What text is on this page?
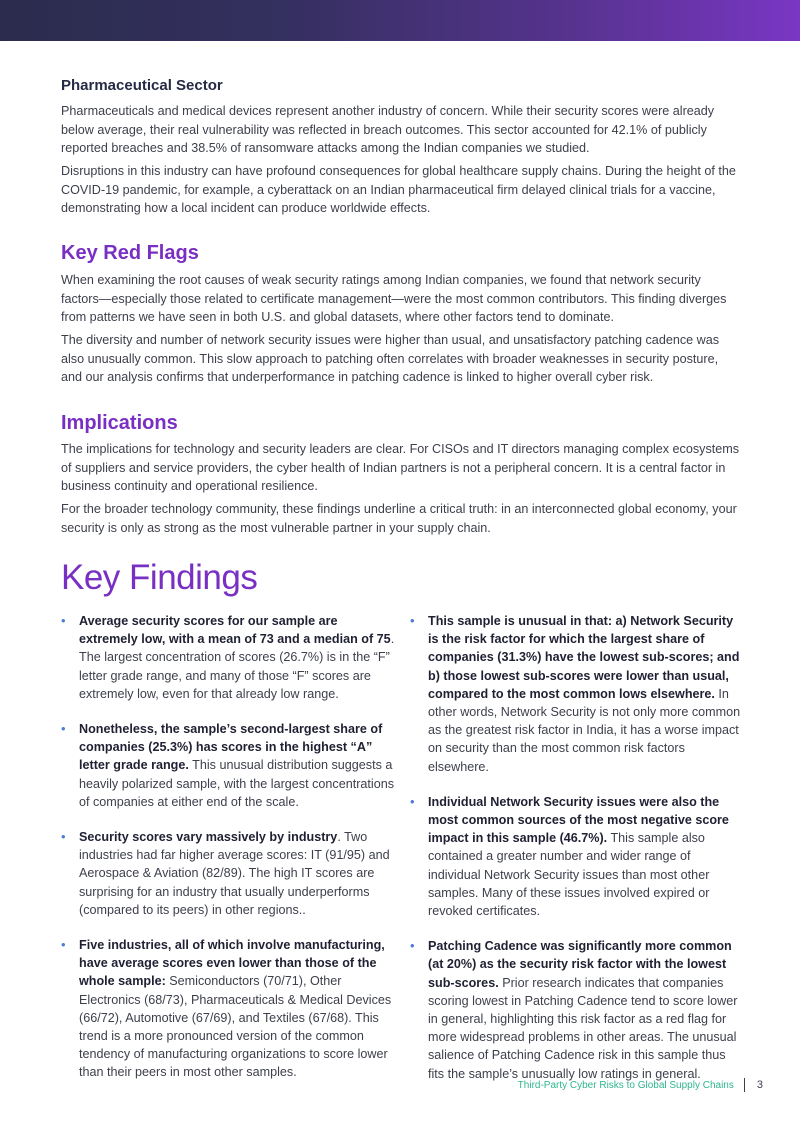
Pharmaceutical Sector

Pharmaceuticals and medical devices represent another industry of concern. While their security scores were already below average, their real vulnerability was reflected in breach outcomes. This sector accounted for 42.1% of publicly reported breaches and 38.5% of ransomware attacks among the Indian companies we studied.

Disruptions in this industry can have profound consequences for global healthcare supply chains. During the height of the COVID-19 pandemic, for example, a cyberattack on an Indian pharmaceutical firm delayed clinical trials for a vaccine, demonstrating how a local incident can produce worldwide effects.

Key Red Flags

When examining the root causes of weak security ratings among Indian companies, we found that network security factors—especially those related to certificate management—were the most common contributors. This finding diverges from patterns we have seen in both U.S. and global datasets, where other factors tend to dominate.

The diversity and number of network security issues were higher than usual, and unsatisfactory patching cadence was also unusually common. This slow approach to patching often correlates with broader weaknesses in security posture, and our analysis confirms that underperformance in patching cadence is linked to higher overall cyber risk.

Implications

The implications for technology and security leaders are clear. For CISOs and IT directors managing complex ecosystems of suppliers and service providers, the cyber health of Indian partners is not a peripheral concern. It is a central factor in business continuity and operational resilience.

For the broader technology community, these findings underline a critical truth: in an interconnected global economy, your security is only as strong as the most vulnerable partner in your supply chain.

Key Findings
• Average security scores for our sample are extremely low, with a mean of 73 and a median of 75. The largest concentration of scores (26.7%) is in the “F” letter grade range, and many of those “F” scores are extremely low, even for that already low range.
• Nonetheless, the sample’s second-largest share of companies (25.3%) has scores in the highest “A” letter grade range. This unusual distribution suggests a heavily polarized sample, with the largest concentrations of companies at either end of the scale.
• Security scores vary massively by industry. Two industries had far higher average scores: IT (91/95) and Aerospace & Aviation (82/89). The high IT scores are surprising for an industry that usually underperforms (compared to its peers) in other regions..
• Five industries, all of which involve manufacturing, have average scores even lower than those of the whole sample: Semiconductors (70/71), Other Electronics (68/73), Pharmaceuticals & Medical Devices (66/72), Automotive (67/69), and Textiles (67/68). This trend is a more pronounced version of the common tendency of manufacturing organizations to score lower than their peers in most other samples.
• This sample is unusual in that: a) Network Security is the risk factor for which the largest share of companies (31.3%) have the lowest sub-scores; and b) those lowest sub-scores were lower than usual, compared to the most common lows elsewhere. In other words, Network Security is not only more common as the greatest risk factor in India, it has a worse impact on security than the most common risk factors elsewhere.
• Individual Network Security issues were also the most common sources of the most negative score impact in this sample (46.7%). This sample also contained a greater number and wider range of individual Network Security issues than most other samples. Many of these issues involved expired or revoked certificates.
• Patching Cadence was significantly more common (at 20%) as the security risk factor with the lowest sub-scores. Prior research indicates that companies scoring lowest in Patching Cadence tend to score lower in general, highlighting this risk factor as a red flag for more widespread problems in other areas. The unusual salience of Patching Cadence risk in this sample thus fits the sample’s unusually low ratings in general.
Third-Party Cyber Risks to Global Supply Chains 3
